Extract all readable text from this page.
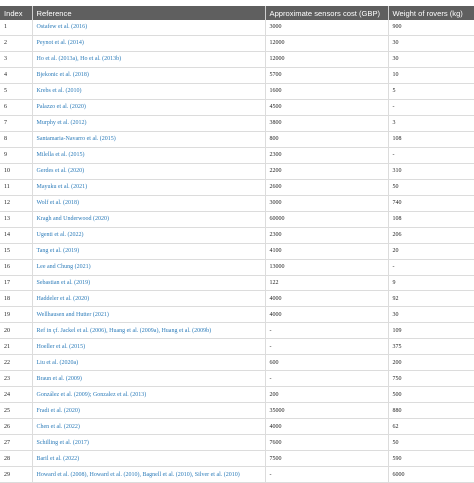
Index	Reference	Approximate sensors cost (GBP)	Weight of rovers (kg)
1	Ostafew et al. (2016)	3000	900
2	Peynot et al. (2014)	12000	30
3	Ho et al. (2013a), Ho et al. (2013b)	12000	30
4	Bjekonic et al. (2018)	5700	10
5	Krebs et al. (2010)	1600	5
6	Palazzo et al. (2020)	4500	-
7	Murphy et al. (2012)	3800	3
8	Santamaria-Navarro et al. (2015)	800	108
9	Milella et al. (2015)	2300	-
10	Gerdes et al. (2020)	2200	310
11	Mayuku et al. (2021)	2600	50
12	Wolf et al. (2018)	3000	740
13	Kragh and Underwood (2020)	60000	108
14	Ugenti et al. (2022)	2300	206
15	Tang et al. (2019)	4100	20
16	Lee and Chung (2021)	13000	-
17	Sebastian et al. (2019)	122	9
18	Haddeler et al. (2020)	4000	92
19	Wellhausen and Hutter (2021)	4000	30
20	Ref in çf. Jackel et al. (2006), Huang et al. (2009a), Huang et al. (2009b)	-	109
21	Hoeller et al. (2015)	-	375
22	Liu et al. (2020a)	600	200
23	Braun et al. (2009)	-	750
24	González et al. (2009); Gonzalez et al. (2013)	200	500
25	Fradi et al. (2020)	35000	880
26	Chen et al. (2022)	4000	62
27	Schilling et al. (2017)	7600	50
28	Baril et al. (2022)	7500	590
29	Howard et al. (2008), Howard et al. (2010), Bagnell et al. (2010), Silver et al. (2010)	-	6000
